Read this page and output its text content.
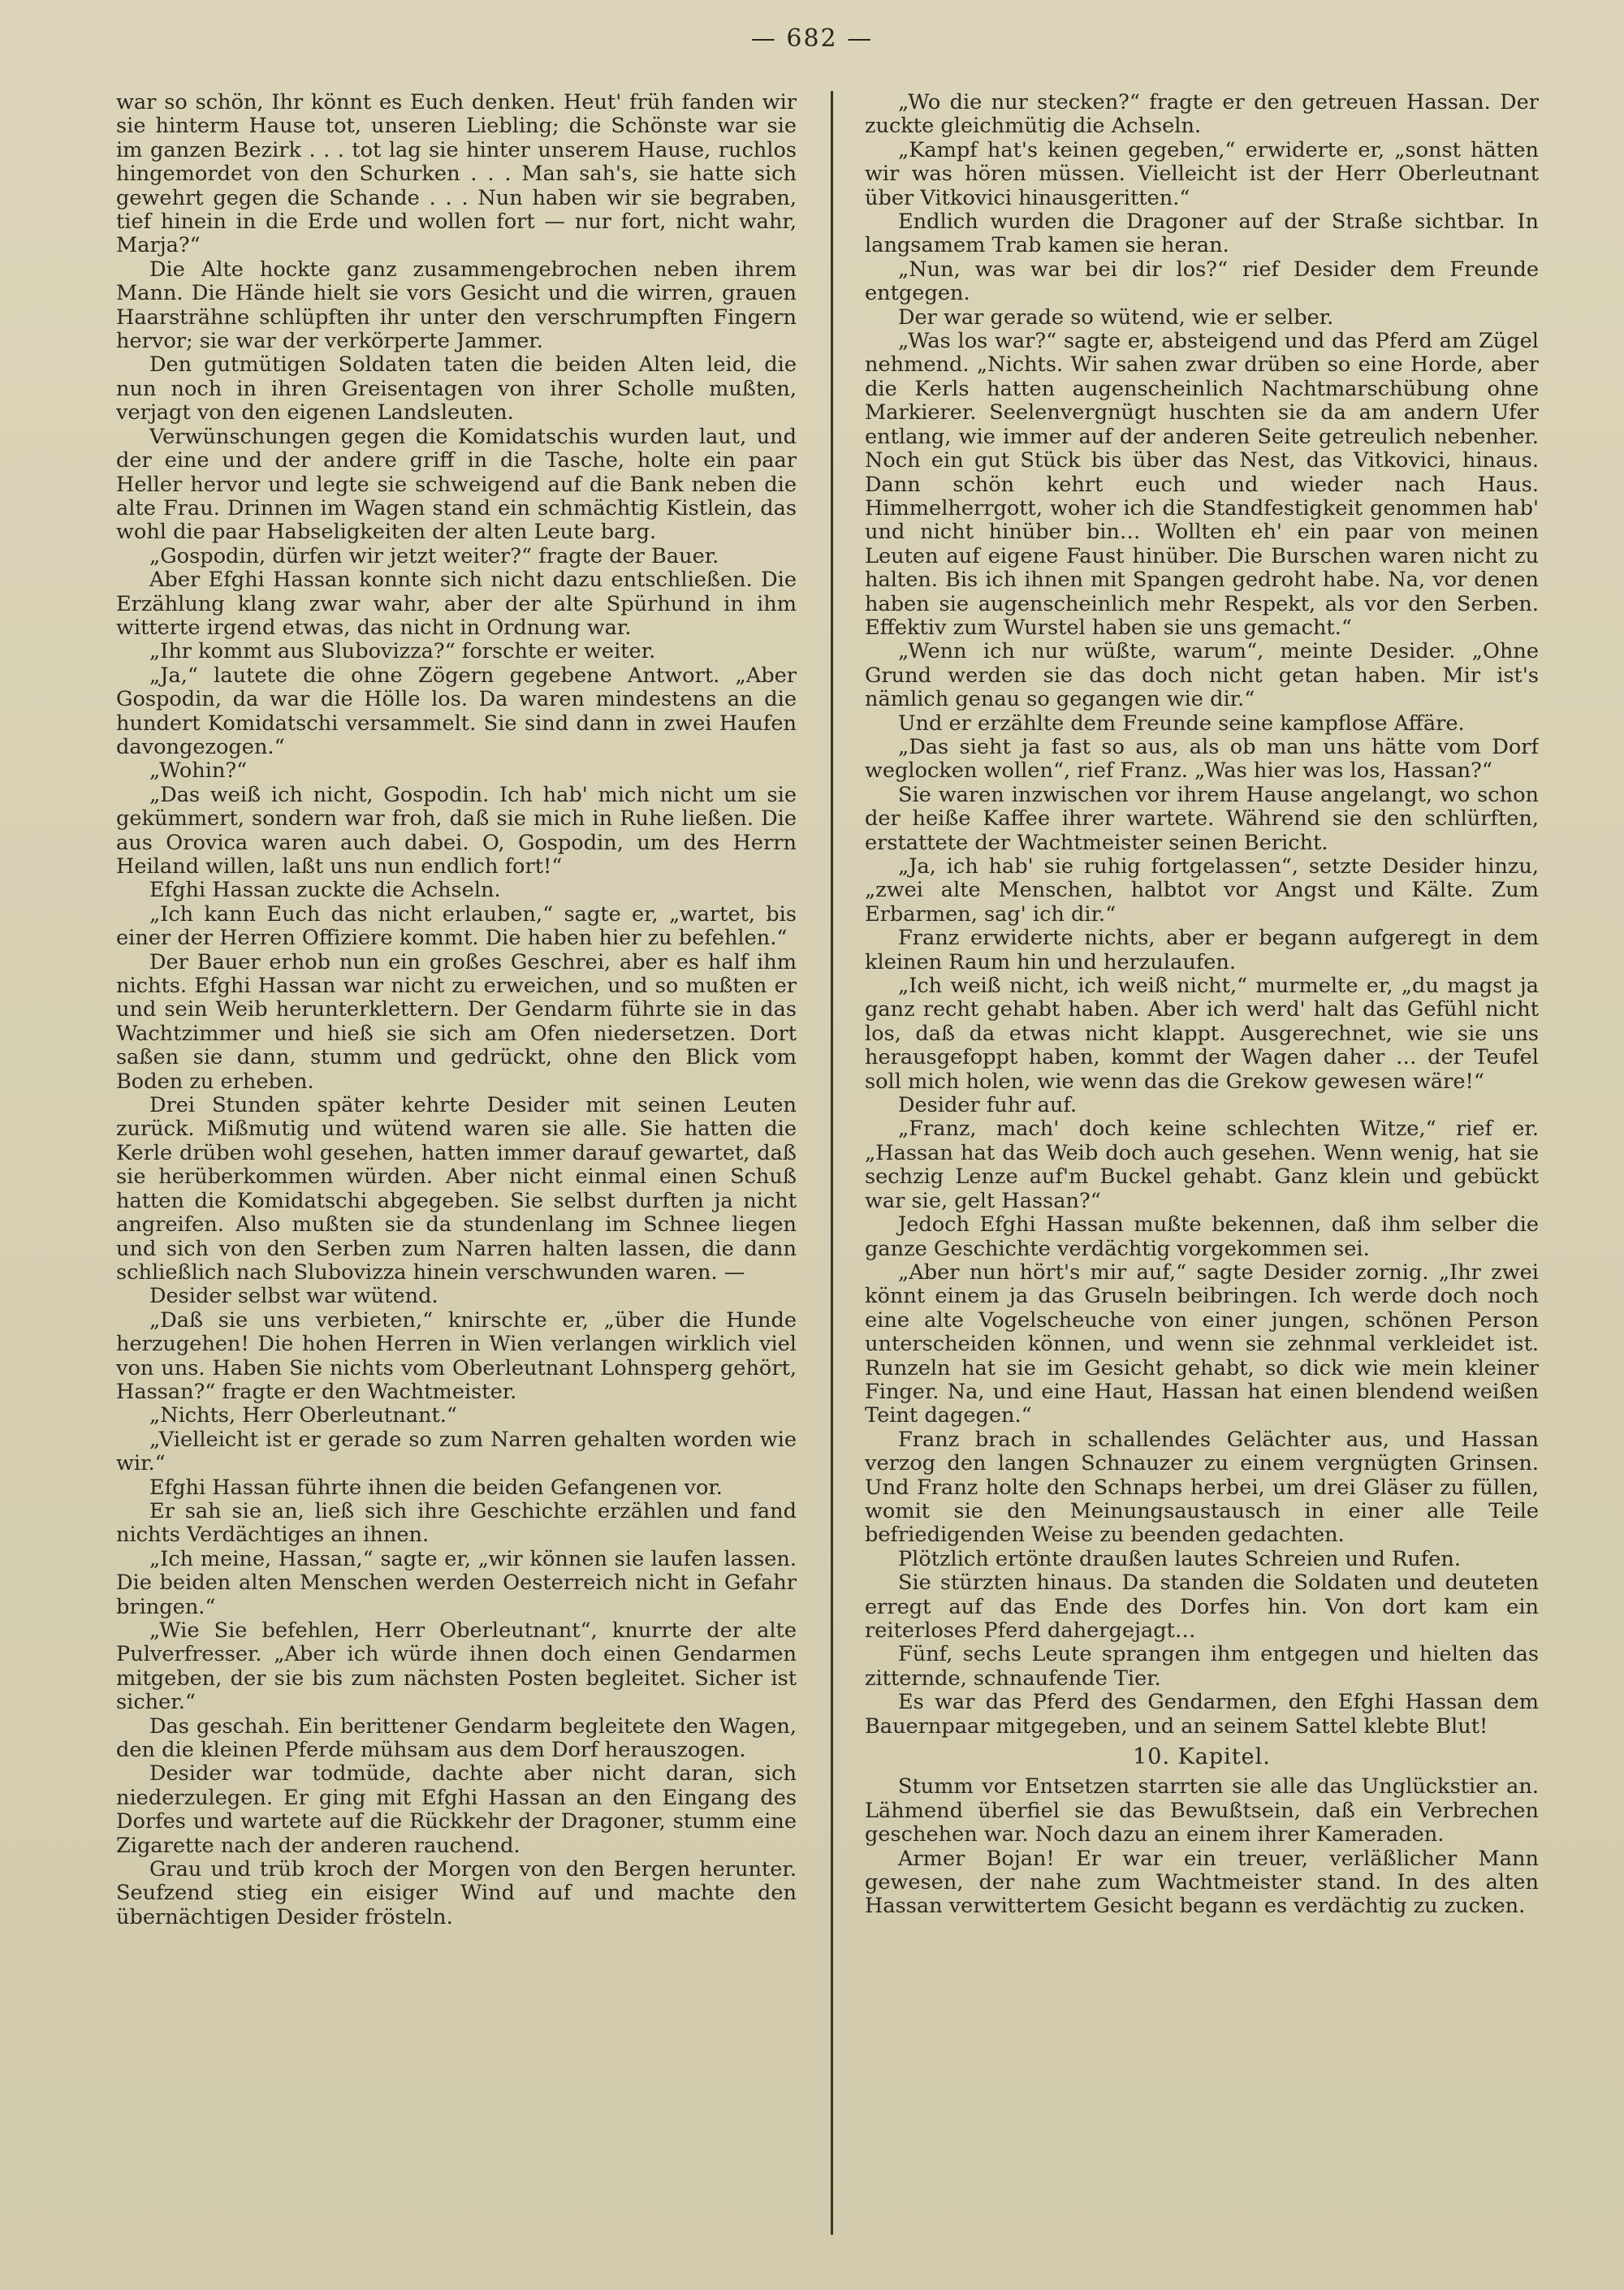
— 682 —

war so schön, Ihr könnt es Euch denken. Heut' früh fanden wir sie hinterm Hause tot, unseren Liebling; die Schönste war sie im ganzen Bezirk . . . tot lag sie hinter unserem Hause, ruchlos hingemordet von den Schurken . . . Man sah's, sie hatte sich gewehrt gegen die Schande . . . Nun haben wir sie begraben, tief hinein in die Erde und wollen fort — nur fort, nicht wahr, Marja?“

Die Alte hockte ganz zusammengebrochen neben ihrem Mann. Die Hände hielt sie vors Gesicht und die wirren, grauen Haarsträhne schlüpften ihr unter den verschrumpften Fingern hervor; sie war der verkörperte Jammer.

Den gutmütigen Soldaten taten die beiden Alten leid, die nun noch in ihren Greisentagen von ihrer Scholle mußten, verjagt von den eigenen Landsleuten.

Verwünschungen gegen die Komidatschis wurden laut, und der eine und der andere griff in die Tasche, holte ein paar Heller hervor und legte sie schweigend auf die Bank neben die alte Frau. Drinnen im Wagen stand ein schmächtig Kistlein, das wohl die paar Habseligkeiten der alten Leute barg.

„Gospodin, dürfen wir jetzt weiter?“ fragte der Bauer.

Aber Efghi Hassan konnte sich nicht dazu entschließen. Die Erzählung klang zwar wahr, aber der alte Spürhund in ihm witterte irgend etwas, das nicht in Ordnung war.

„Ihr kommt aus Slubovizza?“ forschte er weiter.

„Ja,“ lautete die ohne Zögern gegebene Antwort. „Aber Gospodin, da war die Hölle los. Da waren mindestens an die hundert Komidatschi versammelt. Sie sind dann in zwei Haufen davongezogen.“

„Wohin?“

„Das weiß ich nicht, Gospodin. Ich hab' mich nicht um sie gekümmert, sondern war froh, daß sie mich in Ruhe ließen. Die aus Orovica waren auch dabei. O, Gospodin, um des Herrn Heiland willen, laßt uns nun endlich fort!“

Efghi Hassan zuckte die Achseln.

„Ich kann Euch das nicht erlauben,“ sagte er, „wartet, bis einer der Herren Offiziere kommt. Die haben hier zu befehlen.“

Der Bauer erhob nun ein großes Geschrei, aber es half ihm nichts. Efghi Hassan war nicht zu erweichen, und so mußten er und sein Weib herunterklettern. Der Gendarm führte sie in das Wachtzimmer und hieß sie sich am Ofen niedersetzen. Dort saßen sie dann, stumm und gedrückt, ohne den Blick vom Boden zu erheben.

Drei Stunden später kehrte Desider mit seinen Leuten zurück. Mißmutig und wütend waren sie alle. Sie hatten die Kerle drüben wohl gesehen, hatten immer darauf gewartet, daß sie herüberkommen würden. Aber nicht einmal einen Schuß hatten die Komidatschi abgegeben. Sie selbst durften ja nicht angreifen. Also mußten sie da stundenlang im Schnee liegen und sich von den Serben zum Narren halten lassen, die dann schließlich nach Slubovizza hinein verschwunden waren. —

Desider selbst war wütend.

„Daß sie uns verbieten,“ knirschte er, „über die Hunde herzugehen! Die hohen Herren in Wien verlangen wirklich viel von uns. Haben Sie nichts vom Oberleutnant Lohnsperg gehört, Hassan?“ fragte er den Wachtmeister.

„Nichts, Herr Oberleutnant.“

„Vielleicht ist er gerade so zum Narren gehalten worden wie wir.“

Efghi Hassan führte ihnen die beiden Gefangenen vor.

Er sah sie an, ließ sich ihre Geschichte erzählen und fand nichts Verdächtiges an ihnen.

„Ich meine, Hassan,“ sagte er, „wir können sie laufen lassen. Die beiden alten Menschen werden Oesterreich nicht in Gefahr bringen.“

„Wie Sie befehlen, Herr Oberleutnant“, knurrte der alte Pulverfresser. „Aber ich würde ihnen doch einen Gendarmen mitgeben, der sie bis zum nächsten Posten begleitet. Sicher ist sicher.“

Das geschah. Ein berittener Gendarm begleitete den Wagen, den die kleinen Pferde mühsam aus dem Dorf herauszogen.

Desider war todmüde, dachte aber nicht daran, sich niederzulegen. Er ging mit Efghi Hassan an den Eingang des Dorfes und wartete auf die Rückkehr der Dragoner, stumm eine Zigarette nach der anderen rauchend.

Grau und trüb kroch der Morgen von den Bergen herunter. Seufzend stieg ein eisiger Wind auf und machte den übernächtigen Desider frösteln.

„Wo die nur stecken?“ fragte er den getreuen Hassan. Der zuckte gleichmütig die Achseln.

„Kampf hat's keinen gegeben,“ erwiderte er, „sonst hätten wir was hören müssen. Vielleicht ist der Herr Oberleutnant über Vitkovici hinausgeritten.“

Endlich wurden die Dragoner auf der Straße sichtbar. In langsamem Trab kamen sie heran.

„Nun, was war bei dir los?“ rief Desider dem Freunde entgegen.

Der war gerade so wütend, wie er selber.

„Was los war?“ sagte er, absteigend und das Pferd am Zügel nehmend. „Nichts. Wir sahen zwar drüben so eine Horde, aber die Kerls hatten augenscheinlich Nachtmarschübung ohne Markierer. Seelenvergnügt huschten sie da am andern Ufer entlang, wie immer auf der anderen Seite getreulich nebenher. Noch ein gut Stück bis über das Nest, das Vitkovici, hinaus. Dann schön kehrt euch und wieder nach Haus. Himmelherrgott, woher ich die Standfestigkeit genommen hab' und nicht hinüber bin… Wollten eh' ein paar von meinen Leuten auf eigene Faust hinüber. Die Burschen waren nicht zu halten. Bis ich ihnen mit Spangen gedroht habe. Na, vor denen haben sie augenscheinlich mehr Respekt, als vor den Serben. Effektiv zum Wurstel haben sie uns gemacht.“

„Wenn ich nur wüßte, warum“, meinte Desider. „Ohne Grund werden sie das doch nicht getan haben. Mir ist's nämlich genau so gegangen wie dir.“

Und er erzählte dem Freunde seine kampflose Affäre.

„Das sieht ja fast so aus, als ob man uns hätte vom Dorf weglocken wollen“, rief Franz. „Was hier was los, Hassan?“

Sie waren inzwischen vor ihrem Hause angelangt, wo schon der heiße Kaffee ihrer wartete. Während sie den schlürften, erstattete der Wachtmeister seinen Bericht.

„Ja, ich hab' sie ruhig fortgelassen“, setzte Desider hinzu, „zwei alte Menschen, halbtot vor Angst und Kälte. Zum Erbarmen, sag' ich dir.“

Franz erwiderte nichts, aber er begann aufgeregt in dem kleinen Raum hin und herzulaufen.

„Ich weiß nicht, ich weiß nicht,“ murmelte er, „du magst ja ganz recht gehabt haben. Aber ich werd' halt das Gefühl nicht los, daß da etwas nicht klappt. Ausgerechnet, wie sie uns herausgefoppt haben, kommt der Wagen daher … der Teufel soll mich holen, wie wenn das die Grekow gewesen wäre!“

Desider fuhr auf.

„Franz, mach' doch keine schlechten Witze,“ rief er. „Hassan hat das Weib doch auch gesehen. Wenn wenig, hat sie sechzig Lenze auf'm Buckel gehabt. Ganz klein und gebückt war sie, gelt Hassan?“

Jedoch Efghi Hassan mußte bekennen, daß ihm selber die ganze Geschichte verdächtig vorgekommen sei.

„Aber nun hört's mir auf,“ sagte Desider zornig. „Ihr zwei könnt einem ja das Gruseln beibringen. Ich werde doch noch eine alte Vogelscheuche von einer jungen, schönen Person unterscheiden können, und wenn sie zehnmal verkleidet ist. Runzeln hat sie im Gesicht gehabt, so dick wie mein kleiner Finger. Na, und eine Haut, Hassan hat einen blendend weißen Teint dagegen.“

Franz brach in schallendes Gelächter aus, und Hassan verzog den langen Schnauzer zu einem vergnügten Grinsen. Und Franz holte den Schnaps herbei, um drei Gläser zu füllen, womit sie den Meinungsaustausch in einer alle Teile befriedigenden Weise zu beenden gedachten.

Plötzlich ertönte draußen lautes Schreien und Rufen.

Sie stürzten hinaus. Da standen die Soldaten und deuteten erregt auf das Ende des Dorfes hin. Von dort kam ein reiterloses Pferd dahergejagt…

Fünf, sechs Leute sprangen ihm entgegen und hielten das zitternde, schnaufende Tier.

Es war das Pferd des Gendarmen, den Efghi Hassan dem Bauernpaar mitgegeben, und an seinem Sattel klebte Blut!

10. Kapitel.

Stumm vor Entsetzen starrten sie alle das Unglückstier an. Lähmend überfiel sie das Bewußtsein, daß ein Verbrechen geschehen war. Noch dazu an einem ihrer Kameraden.

Armer Bojan! Er war ein treuer, verläßlicher Mann gewesen, der nahe zum Wachtmeister stand. In des alten Hassan verwittertem Gesicht begann es verdächtig zu zucken.
